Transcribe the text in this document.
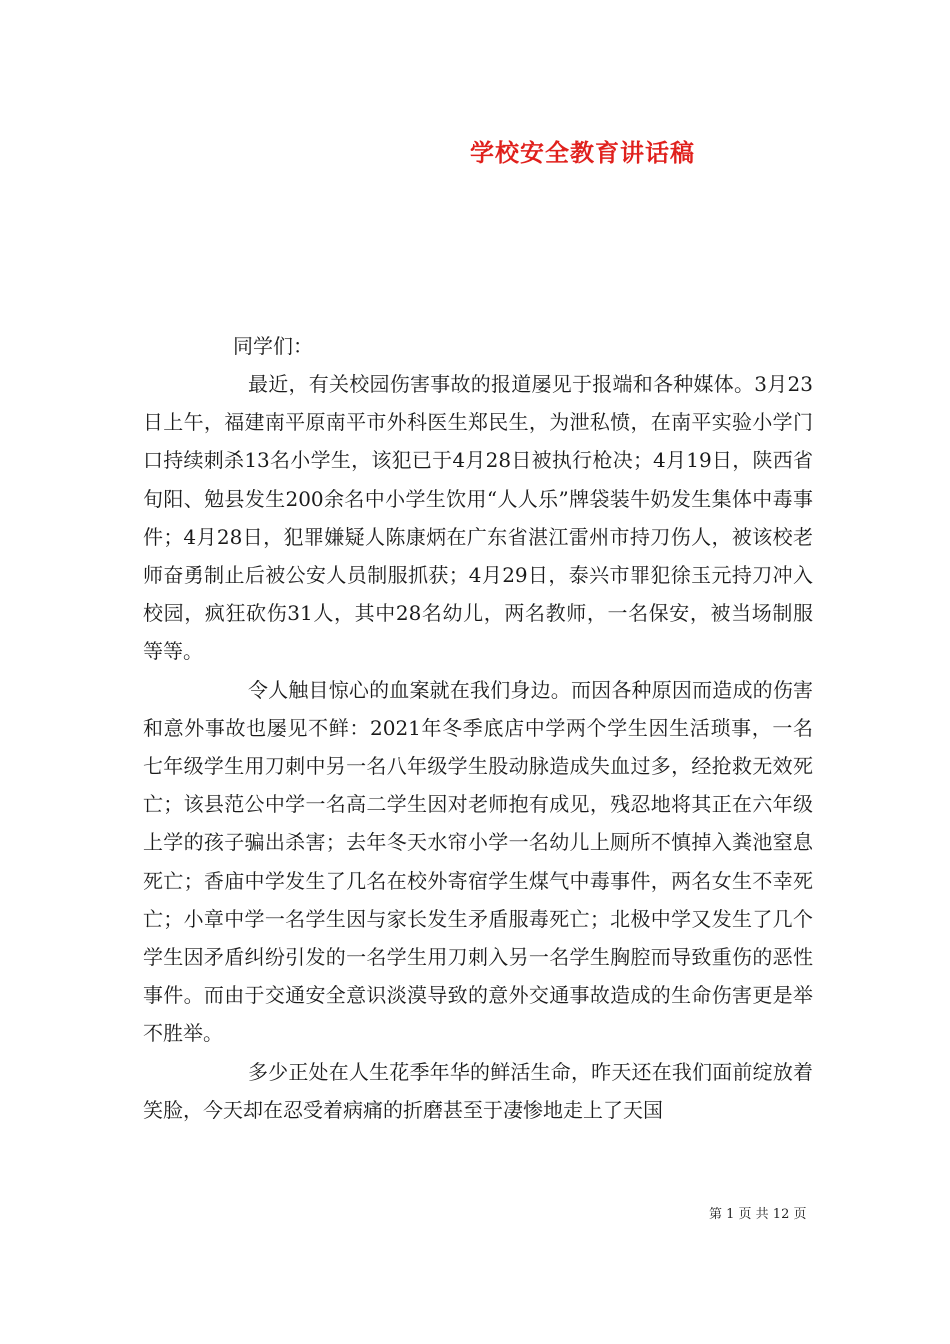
学校安全教育讲话稿
同学们：

最近，有关校园伤害事故的报道屡见于报端和各种媒体。3月23日上午，福建南平原南平市外科医生郑民生，为泄私愤，在南平实验小学门口持续刺杀13名小学生，该犯已于4月28日被执行枪决；4月19日，陕西省旬阳、勉县发生200余名中小学生饮用“人人乐”牌袋装牛奶发生集体中毒事件；4月28日，犯罪嫌疑人陈康炳在广东省湛江雷州市持刀伤人，被该校老师奋勇制止后被公安人员制服抓获；4月29日，泰兴市罪犯徐玉元持刀冲入校园，疯狂砍伤31人，其中28名幼儿，两名教师，一名保安，被当场制服等等。

令人触目惊心的血案就在我们身边。而因各种原因而造成的伤害和意外事故也屡见不鲜：2021年冬季底店中学两个学生因生活琐事，一名七年级学生用刀刺中另一名八年级学生股动脉造成失血过多，经抢救无效死亡；该县范公中学一名高二学生因对老师抱有成见，残忍地将其正在六年级上学的孩子骗出杀害；去年冬天水帘小学一名幼儿上厕所不慎掉入粪池窒息死亡；香庙中学发生了几名在校外寄宿学生煤气中毒事件，两名女生不幸死亡；小章中学一名学生因与家长发生矛盾服毒死亡；北极中学又发生了几个学生因矛盾纠纷引发的一名学生用刀刺入另一名学生胸腔而导致重伤的恶性事件。而由于交通安全意识淡漠导致的意外交通事故造成的生命伤害更是举不胜举。

多少正处在人生花季年华的鲜活生命，昨天还在我们面前绽放着笑脸，今天却在忍受着病痛的折磨甚至于凄惨地走上了天国

第 1 页 共 12 页
